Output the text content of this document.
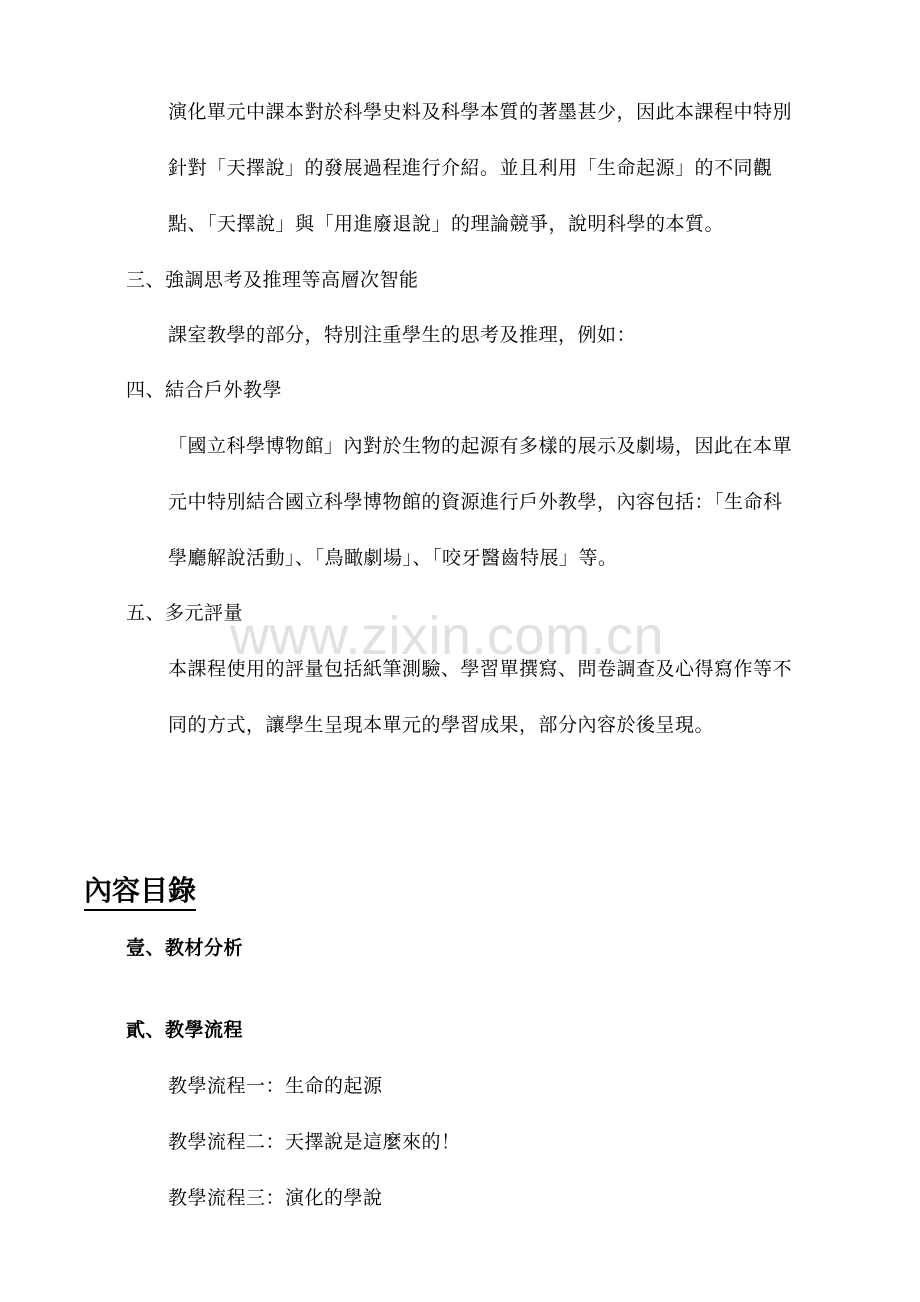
演化單元中課本對於科學史料及科學本質的著墨甚少，因此本課程中特別
針對「天擇說」的發展過程進行介紹。並且利用「生命起源」的不同觀
點、「天擇說」與「用進廢退說」的理論競爭，說明科學的本質。
三、強調思考及推理等高層次智能
課室教學的部分，特別注重學生的思考及推理，例如：
四、結合戶外教學
「國立科學博物館」內對於生物的起源有多樣的展示及劇場，因此在本單
元中特別結合國立科學博物館的資源進行戶外教學，內容包括：「生命科
學廳解說活動」、「鳥瞰劇場」、「咬牙醫齒特展」等。
五、多元評量
本課程使用的評量包括紙筆測驗、學習單撰寫、問卷調查及心得寫作等不
同的方式，讓學生呈現本單元的學習成果，部分內容於後呈現。
內容目錄
壹、教材分析
貳、教學流程
教學流程一：生命的起源
教學流程二：天擇說是這麼來的！
教學流程三：演化的學說
www.zixin.com.cn
